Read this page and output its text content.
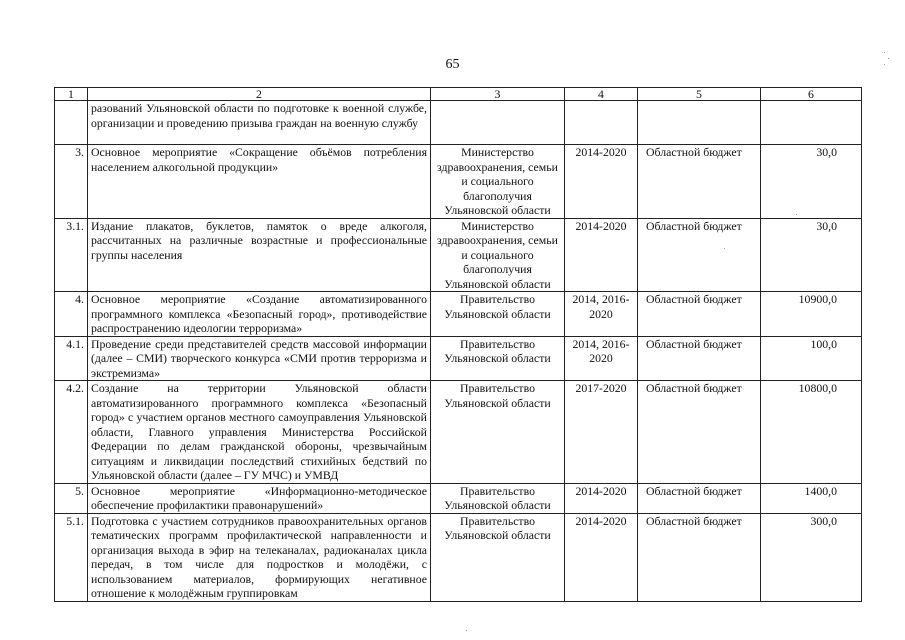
65
1	2	3	4	5	6
	разований Ульяновской области по подготовке к военной службе, организации и проведению призыва граждан на военную службу				
3.	Основное мероприятие «Сокращение объёмов потребления населением алкогольной продукции»	Министерство здравоохранения, семьи и социального благополучия Ульяновской области	2014-2020	Областной бюджет	30,0
3.1.	Издание плакатов, буклетов, памяток о вреде алкоголя, рассчитанных на различные возрастные и профессиональные группы населения	Министерство здравоохранения, семьи и социального благополучия Ульяновской области	2014-2020	Областной бюджет	30,0
4.	Основное мероприятие «Создание автоматизированного программного комплекса «Безопасный город», противодействие распространению идеологии терроризма»	Правительство Ульяновской области	2014, 2016-2020	Областной бюджет	10900,0
4.1.	Проведение среди представителей средств массовой информации (далее – СМИ) творческого конкурса «СМИ против терроризма и экстремизма»	Правительство Ульяновской области	2014, 2016-2020	Областной бюджет	100,0
4.2.	Создание на территории Ульяновской области автоматизированного программного комплекса «Безопасный город» с участием органов местного самоуправления Ульяновской области, Главного управления Министерства Российской Федерации по делам гражданской обороны, чрезвычайным ситуациям и ликвидации последствий стихийных бедствий по Ульяновской области (далее – ГУ МЧС) и УМВД	Правительство Ульяновской области	2017-2020	Областной бюджет	10800,0
5.	Основное мероприятие «Информационно-методическое обеспечение профилактики правонарушений»	Правительство Ульяновской области	2014-2020	Областной бюджет	1400,0
5.1.	Подготовка с участием сотрудников правоохранительных органов тематических программ профилактической направленности и организация выхода в эфир на телеканалах, радиоканалах цикла передач, в том числе для подростков и молодёжи, с использованием материалов, формирующих негативное отношение к молодёжным группировкам	Правительство Ульяновской области	2014-2020	Областной бюджет	300,0
